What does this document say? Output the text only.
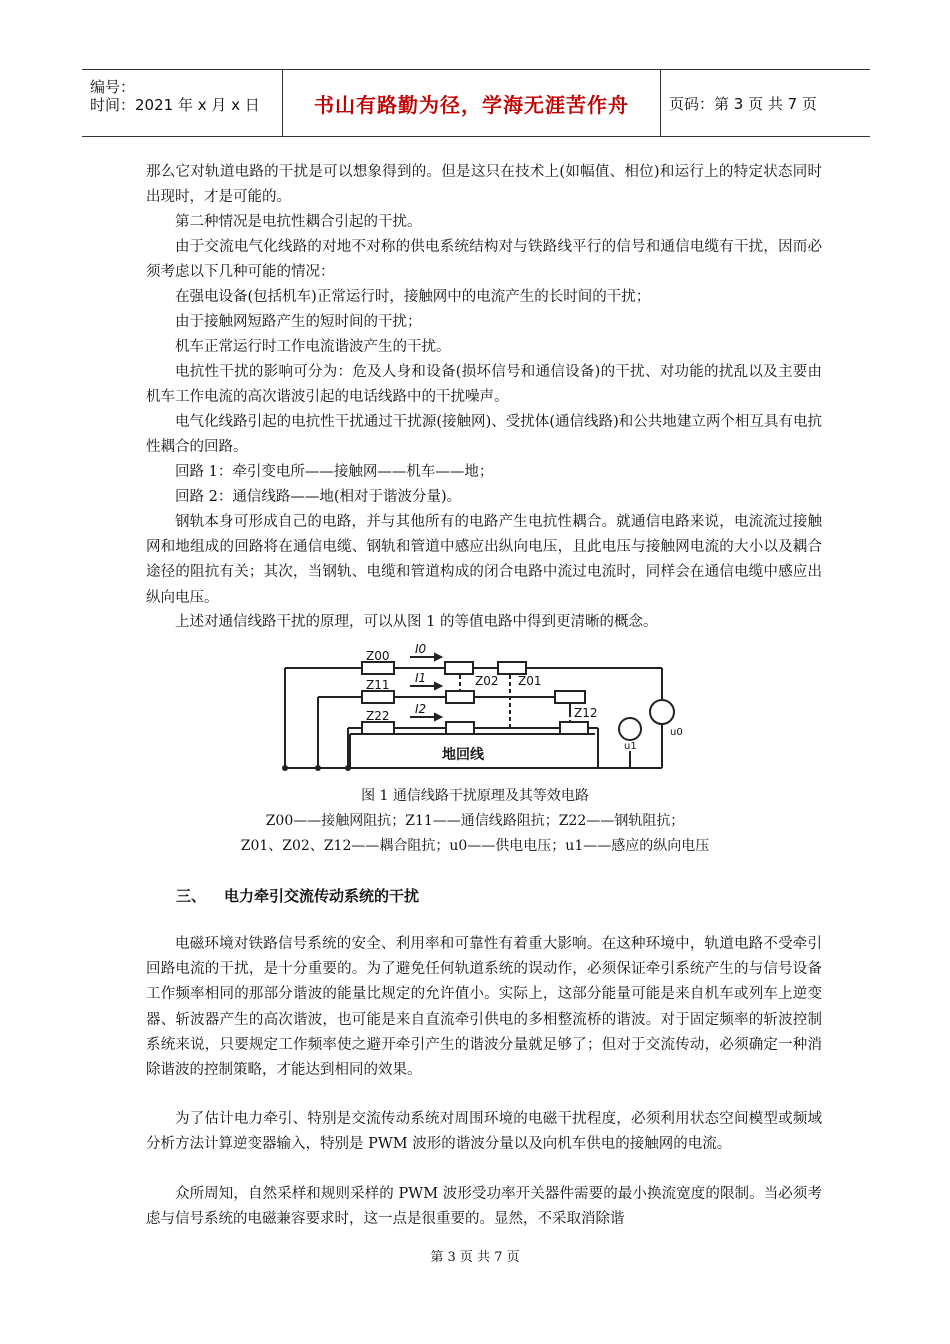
编号：
时间：2021 年 x 月 x 日	书山有路勤为径，学海无涯苦作舟	页码：第 3 页 共 7 页

那么它对轨道电路的干扰是可以想象得到的。但是这只在技术上(如幅值、相位)和运行上的特定状态同时出现时，才是可能的。

第二种情况是电抗性耦合引起的干扰。

由于交流电气化线路的对地不对称的供电系统结构对与铁路线平行的信号和通信电缆有干扰，因而必须考虑以下几种可能的情况：

在强电设备(包括机车)正常运行时，接触网中的电流产生的长时间的干扰；

由于接触网短路产生的短时间的干扰；

机车正常运行时工作电流谐波产生的干扰。

电抗性干扰的影响可分为：危及人身和设备(损坏信号和通信设备)的干扰、对功能的扰乱以及主要由机车工作电流的高次谐波引起的电话线路中的干扰噪声。

电气化线路引起的电抗性干扰通过干扰源(接触网)、受扰体(通信线路)和公共地建立两个相互具有电抗性耦合的回路。

回路 1：牵引变电所——接触网——机车——地；

回路 2：通信线路——地(相对于谐波分量)。

钢轨本身可形成自己的电路，并与其他所有的电路产生电抗性耦合。就通信电路来说，电流流过接触网和地组成的回路将在通信电缆、钢轨和管道中感应出纵向电压，且此电压与接触网电流的大小以及耦合途径的阻抗有关；其次，当钢轨、电缆和管道构成的闭合电路中流过电流时，同样会在通信电缆中感应出纵向电压。

上述对通信线路干扰的原理，可以从图 1 的等值电路中得到更清晰的概念。

Z00
Z11
Z22
Z02 Z01
Z12
I0
I1
I2
u1
u0
地回线
图 1 通信线路干扰原理及其等效电路
Z00——接触网阻抗；Z11——通信线路阻抗；Z22——钢轨阻抗；
Z01、Z02、Z12——耦合阻抗；u0——供电电压；u1——感应的纵向电压
三、 电力牵引交流传动系统的干扰

电磁环境对铁路信号系统的安全、利用率和可靠性有着重大影响。在这种环境中，轨道电路不受牵引回路电流的干扰，是十分重要的。为了避免任何轨道系统的误动作，必须保证牵引系统产生的与信号设备工作频率相同的那部分谐波的能量比规定的允许值小。实际上，这部分能量可能是来自机车或列车上逆变器、斩波器产生的高次谐波，也可能是来自直流牵引供电的多相整流桥的谐波。对于固定频率的斩波控制系统来说，只要规定工作频率使之避开牵引产生的谐波分量就足够了；但对于交流传动，必须确定一种消除谐波的控制策略，才能达到相同的效果。

为了估计电力牵引、特别是交流传动系统对周围环境的电磁干扰程度，必须利用状态空间模型或频域分析方法计算逆变器输入，特别是 PWM 波形的谐波分量以及向机车供电的接触网的电流。

众所周知，自然采样和规则采样的 PWM 波形受功率开关器件需要的最小换流宽度的限制。当必须考虑与信号系统的电磁兼容要求时，这一点是很重要的。显然，不采取消除谐

第 3 页 共 7 页
